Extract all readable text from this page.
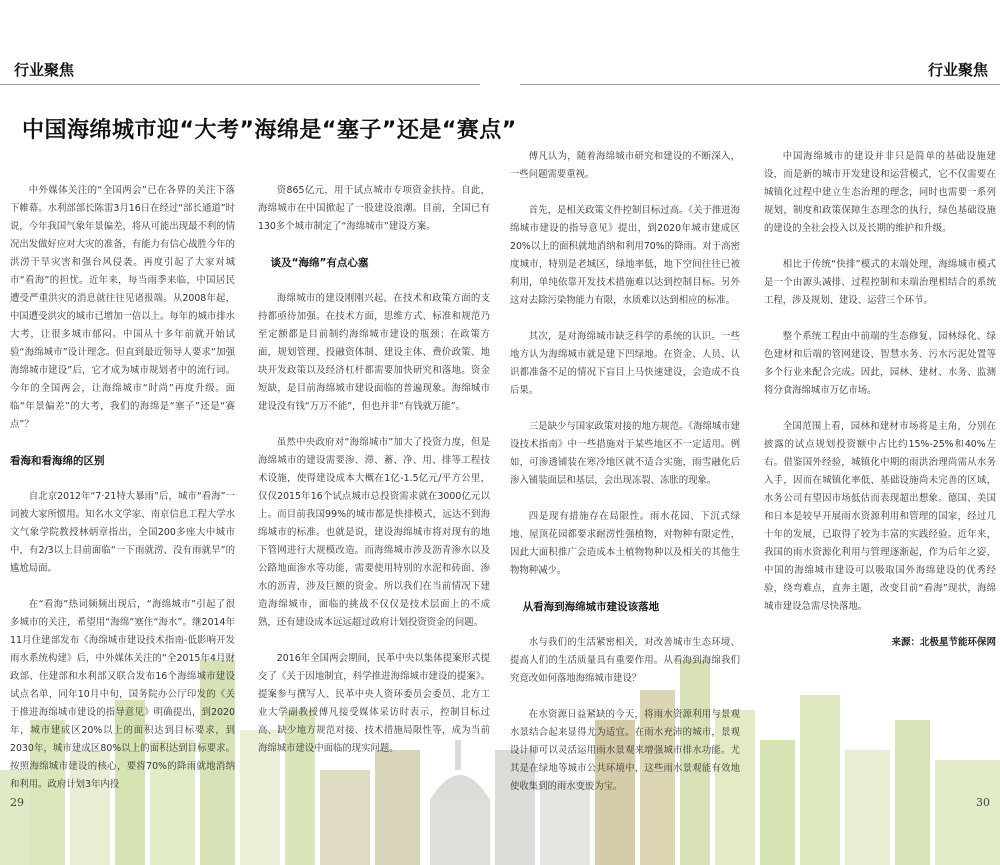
行业聚焦	行业聚焦
中国海绵城市迎“大考”海绵是“塞子”还是“赛点”

中外媒体关注的“全国两会”已在各界的关注下落下帷幕。水利部部长陈雷3月16日在经过“部长通道”时说，今年我国气象年景偏差，将从可能出现最不利的情况出发做好应对大灾的准备，有能力有信心战胜今年的洪涝干旱灾害和强台风侵袭。再度引起了大家对城市“看海”的担忧。近年来，每当雨季来临，中国居民遭受严重洪灾的消息就往往见诸报端。从2008年起，中国遭受洪灾的城市已增加一倍以上。每年的城市排水大考，让很多城市郁闷。中国从十多年前就开始试验“海绵城市”设计理念。但直到最近领导人要求“加强海绵城市建设”后，它才成为城市规划者中的流行词。今年的全国两会，让海绵城市“时尚”再度升级。面临“年景偏差”的大考，我们的海绵是“塞子”还是“赛点”？

看海和看海绵的区别

自北京2012年“7·21特大暴雨”后，城市“看海”一词被大家所惯用。知名水文学家、南京信息工程大学水文气象学院教授林炳章指出，全国200多座大中城市中，有2/3以上目前面临“一下雨就涝、没有雨就旱”的尴尬局面。

在“看海”热词频频出现后，“海绵城市”引起了很多城市的关注，希望用“海绵”塞住“海水”。继2014年11月住建部发布《海绵城市建设技术指南-低影响开发雨水系统构建》后，中外媒体关注的“全2015年4月财政部、住建部和水利部又联合发布16个海绵城市建设试点名单，同年10月中旬，国务院办公厅印发的《关于推进海绵城市建设的指导意见》明确提出，到2020年，城市建成区20%以上的面积达到目标要求，到2030年，城市建成区80%以上的面积达到目标要求。按照海绵城市建设的核心，要将70%的降雨就地消纳和利用。政府计划3年内投

资865亿元，用于试点城市专项资金扶持。自此，海绵城市在中国掀起了一股建设浪潮。目前，全国已有130多个城市制定了“海绵城市”建设方案。

谈及“海绵”有点心塞

海绵城市的建设刚刚兴起，在技术和政策方面的支持都亟待加强。在技术方面，思维方式、标准和规范乃至定额都是目前制约海绵城市建设的瓶颈；在政策方面，规划管理、投融资体制、建设主体、费价政策、地块开发政策以及经济杠杆都需要加快研究和落地。资金短缺，是目前海绵城市建设面临的普遍现象。海绵城市建设没有钱“万万不能”，但也并非“有钱就万能”。

虽然中央政府对“海绵城市”加大了投资力度，但是海绵城市的建设需要渗、滞、蓄、净、用、排等工程技术设施，使得建设成本大概在1亿-1.5亿元/平方公里，仅仅2015年16个试点城市总投资需求就在3000亿元以上。而目前我国99%的城市都是快排模式，远达不到海绵城市的标准。也就是说，建设海绵城市将对现有的地下管网进行大规模改造。而海绵城市涉及沥青渗水以及公路地面渗水等功能，需要使用特别的水泥和砖面、渗水的沥青，涉及巨额的资金。所以我们在当前情况下建造海绵城市，面临的挑战不仅仅是技术层面上的不成熟，还有建设成本远远超过政府计划投资资金的问题。

2016年全国两会期间，民革中央以集体提案形式提交了《关于因地制宜，科学推进海绵城市建设的提案》。提案参与撰写人、民革中央人资环委员会委员、北方工业大学副教授傅凡接受媒体采访时表示，控制目标过高、缺少地方规范对接、技术措施局限性等，成为当前海绵城市建设中面临的现实问题。

傅凡认为，随着海绵城市研究和建设的不断深入，一些问题需要重视。

首先，是相关政策文件控制目标过高。《关于推进海绵城市建设的指导意见》提出，到2020年城市建成区20%以上的面积就地消纳和利用70%的降雨。对于高密度城市，特别是老城区，绿地率低，地下空间往往已被利用，单纯依靠开发技术措施难以达到控制目标。另外这对去除污染物能力有限，水质难以达到相应的标准。

其次，是对海绵城市缺乏科学的系统的认识。一些地方认为海绵城市就是建下凹绿地。在资金、人员、认识都准备不足的情况下盲目上马快速建设，会造成不良后果。

三是缺少与国家政策对接的地方规范。《海绵城市建设技术指南》中一些措施对于某些地区不一定适用。例如，可渗透铺装在寒冷地区就不适合实施，雨雪融化后渗入铺装面层和基层，会出现冻裂、冻胀的现象。

四是现有措施存在局限性。雨水花园、下沉式绿地、屋顶花园都要求耐涝性强植物，对物种有限定性，因此大面积推广会造成本土植物物种以及相关的其他生物物种减少。

从看海到海绵城市建设该落地

水与我们的生活紧密相关，对改善城市生态环境、提高人们的生活质量具有重要作用。从看海到海绵我们究竟改如何落地海绵城市建设？

在水资源日益紧缺的今天，将雨水资源利用与景观水景结合起来显得尤为适宜。在雨水充沛的城市，景观设计师可以灵活运用雨水景观来增强城市排水功能。尤其是在绿地等城市公共环境中，这些雨水景观能有效地使收集到的雨水变废为宝。

中国海绵城市的建设并非只是简单的基础设施建设，而是新的城市开发建设和运营模式，它不仅需要在城镇化过程中建立生态治理的理念，同时也需要一系列规划，制度和政策保障生态理念的执行，绿色基础设施的建设的全社会投入以及长期的维护和升级。

相比于传统“快排”模式的末端处理，海绵城市模式是一个由源头减排、过程控制和末端治理相结合的系统工程，涉及规划、建设、运营三个环节。

整个系统工程由中前端的生态修复、园林绿化、绿色建材和后端的管网建设、智慧水务、污水污泥处置等多个行业来配合完成。因此，园林、建材、水务、监测将分食海绵城市万亿市场。

全国范围上看，园林和建材市场将是主角，分别在披露的试点规划投资额中占比约15%-25%和40%左右。借鉴国外经验，城镇化中期的雨洪治理尚需从水务入手，因而在城镇化率低、基础设施尚未完善的区域，水务公司有望因市场低估而表现超出想象。德国、美国和日本是较早开展雨水资源利用和管理的国家，经过几十年的发展，已取得了较为丰富的实践经验。近年来，我国的雨水资源化利用与管理逐渐起，作为后年之姿，中国的海绵城市建设可以吸取国外海绵建设的优秀经验，绕弯难点，直奔主题，改变目前“看海”现状，海绵城市建设急需尽快落地。

来源：北极星节能环保网
29	30
